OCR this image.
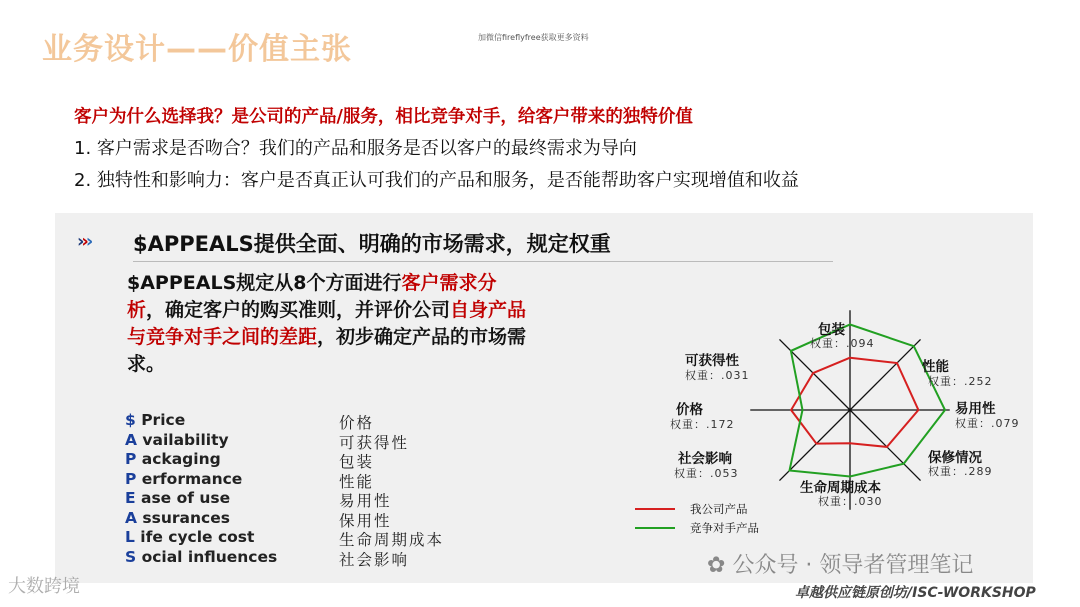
业务设计——价值主张	加微信fireflyfree获取更多资料
客户为什么选择我？是公司的产品/服务，相比竞争对手，给客户带来的独特价值
1. 客户需求是否吻合？我们的产品和服务是否以客户的最终需求为导向
2. 独特性和影响力：客户是否真正认可我们的产品和服务，是否能帮助客户实现增值和收益
››› $APPEALS提供全面、明确的市场需求，规定权重
$APPEALS规定从8个方面进行客户需求分析，确定客户的购买准则，并评价公司自身产品与竞争对手之间的差距，初步确定产品的市场需求。
$ Price	价格
A vailability	可获得性
P ackaging	包装
P erformance	性能
E ase of use	易用性
A ssurances	保用性
L ife cycle cost	生命周期成本
S ocial influences	社会影响
包装
权重：.094
性能
权重：.252
易用性
权重：.079
保修情况
权重：.289
生命周期成本
权重：.030
社会影响
权重：.053
价格
权重：.172
可获得性
权重：.031
我公司产品
竞争对手产品
✿ 公众号 · 领导者管理笔记
大数跨境	卓越供应链原创坊/ISC-WORKSHOP
